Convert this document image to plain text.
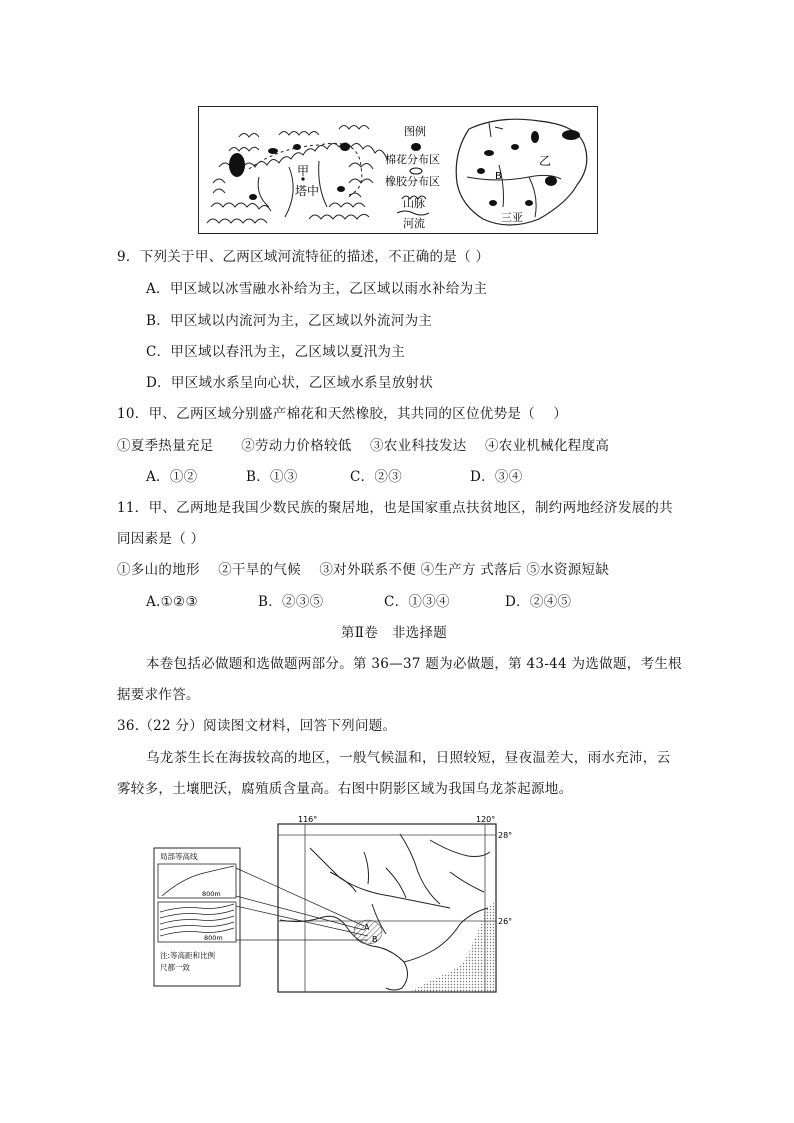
甲
塔中
图例
棉花分布区
橡胶分布区
山脉
河流
乙
B
三亚
9．下列关于甲、乙两区域河流特征的描述，不正确的是（ ）
A．甲区域以冰雪融水补给为主，乙区域以雨水补给为主
B．甲区域以内流河为主，乙区域以外流河为主
C．甲区域以春汛为主，乙区域以夏汛为主
D．甲区域水系呈向心状，乙区域水系呈放射状
10．甲、乙两区域分别盛产棉花和天然橡胶，其共同的区位优势是（　 ）
①夏季热量充足　　②劳动力价格较低　 ③农业科技发达　 ④农业机械化程度高
A．①②	B．①③	C．②③	D．③④
11．甲、乙两地是我国少数民族的聚居地，也是国家重点扶贫地区，制约两地经济发展的共
同因素是（ ）
①多山的地形　 ②干旱的气候　 ③对外联系不便 ④生产方 式落后 ⑤水资源短缺
A.①②③	B．②③⑤	C．①③④	D．②④⑤
第Ⅱ卷　非选择题
本卷包括必做题和选做题两部分。第 36—37 题为必做题，第 43-44 为选做题，考生根
据要求作答。
36.（22 分）阅读图文材料，回答下列问题。
乌龙茶生长在海拔较高的地区，一般气候温和，日照较短，昼夜温差大，雨水充沛，云
雾较多，土壤肥沃，腐殖质含量高。右图中阴影区域为我国乌龙茶起源地。
A
B
116°	120°
28°
26°
局部等高线
800m
800m
注:等高距和比例
尺都一致
